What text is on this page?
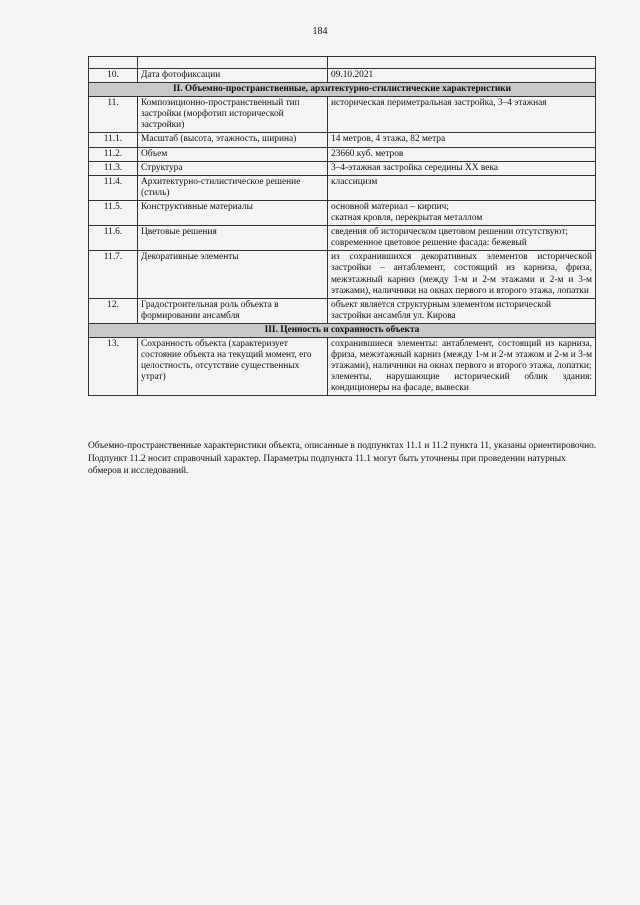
184

10.	Дата фотофиксации	09.10.2021

II. Объемно-пространственные, архитектурно-стилистические характеристики		
11.	Композиционно-пространственный тип застройки (морфотип исторической застройки)	историческая периметральная застройка, 3–4 этажная

11.1.	Масштаб (высота, этажность, ширина)	14 метров, 4 этажа, 82 метра

11.2.	Объем	23660 куб. метров

11.3.	Структура	3–4-этажная застройка середины XX века

11.4.	Архитектурно-стилистическое решение (стиль)	классицизм

11.5.	Конструктивные материалы	основной материал – кирпич;
скатная кровля, перекрытая металлом

11.6.	Цветовые решения	сведения об историческом цветовом решении отсутствуют;
современное цветовое решение фасада: бежевый

11.7.	Декоративные элементы	из сохранившихся декоративных элементов исторической застройки – антаблемент, состоящий из карниза, фриза, межэтажный карниз (между 1-м и 2-м этажами и 2-м и 3-м этажами), наличники на окнах первого и второго этажа, лопатки

12.	Градостроительная роль объекта в формировании ансамбля	объект является структурным элементом исторической застройки ансамбля ул. Кирова

III. Ценность и сохранность объекта		
13.	Сохранность объекта (характеризует состояние объекта на текущий момент, его целостность, отсутствие существенных утрат)	сохранившиеся элементы: антаблемент, состоящий из карниза, фриза, межэтажный карниз (между 1-м и 2-м этажом и 2-м и 3-м этажами), наличники на окнах первого и второго этажа, лопатки;
элементы, нарушающие исторический облик здания: кондиционеры на фасаде, вывески
Объемно-пространственные характеристики объекта, описанные в подпунктах 11.1 и 11.2 пункта 11, указаны ориентировочно. Подпункт 11.2 носит справочный характер. Параметры подпункта 11.1 могут быть уточнены при проведении натурных обмеров и исследований.
